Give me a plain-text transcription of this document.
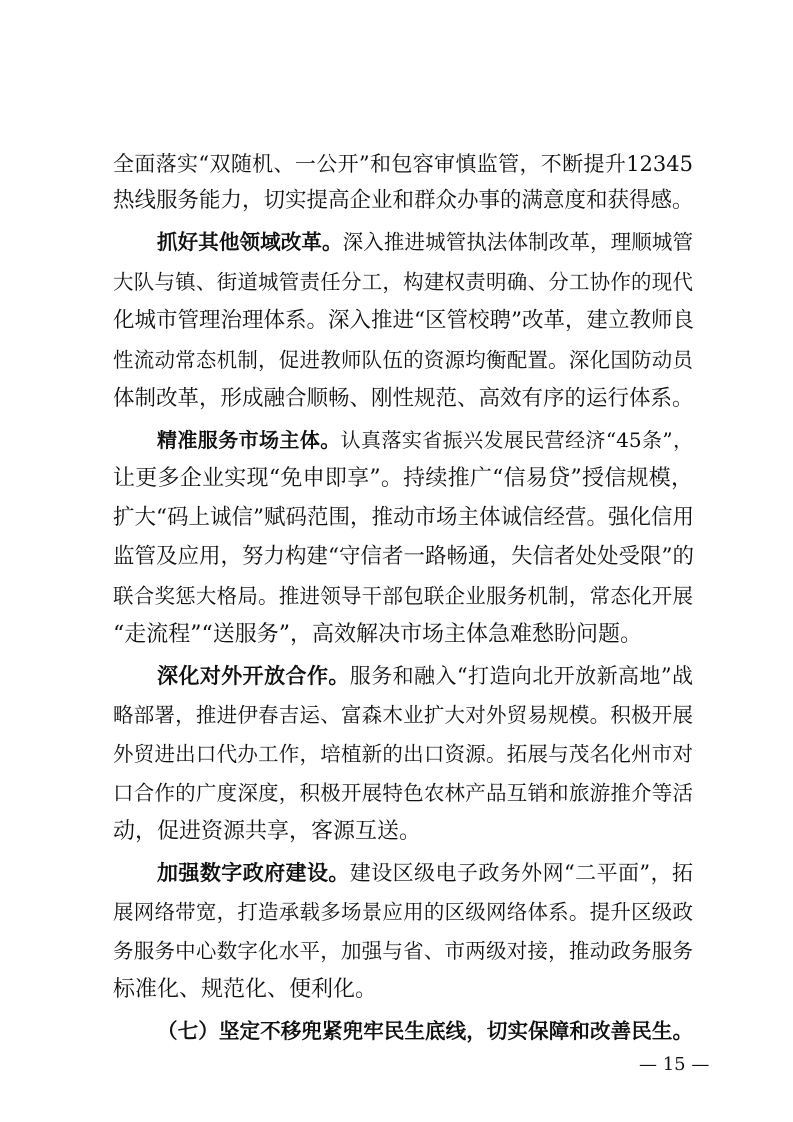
全面落实“双随机、一公开”和包容审慎监管，不断提升12345
热线服务能力，切实提高企业和群众办事的满意度和获得感。
抓好其他领域改革。深入推进城管执法体制改革，理顺城管
大队与镇、街道城管责任分工，构建权责明确、分工协作的现代
化城市管理治理体系。深入推进“区管校聘”改革，建立教师良
性流动常态机制，促进教师队伍的资源均衡配置。深化国防动员
体制改革，形成融合顺畅、刚性规范、高效有序的运行体系。
精准服务市场主体。认真落实省振兴发展民营经济“45条”，
让更多企业实现“免申即享”。持续推广“信易贷”授信规模，
扩大“码上诚信”赋码范围，推动市场主体诚信经营。强化信用
监管及应用，努力构建“守信者一路畅通，失信者处处受限”的
联合奖惩大格局。推进领导干部包联企业服务机制，常态化开展
“走流程”“送服务”，高效解决市场主体急难愁盼问题。
深化对外开放合作。服务和融入“打造向北开放新高地”战
略部署，推进伊春吉运、富森木业扩大对外贸易规模。积极开展
外贸进出口代办工作，培植新的出口资源。拓展与茂名化州市对
口合作的广度深度，积极开展特色农林产品互销和旅游推介等活
动，促进资源共享，客源互送。
加强数字政府建设。建设区级电子政务外网“二平面”，拓
展网络带宽，打造承载多场景应用的区级网络体系。提升区级政
务服务中心数字化水平，加强与省、市两级对接，推动政务服务
标准化、规范化、便利化。
（七）坚定不移兜紧兜牢民生底线，切实保障和改善民生。
— 15 —
